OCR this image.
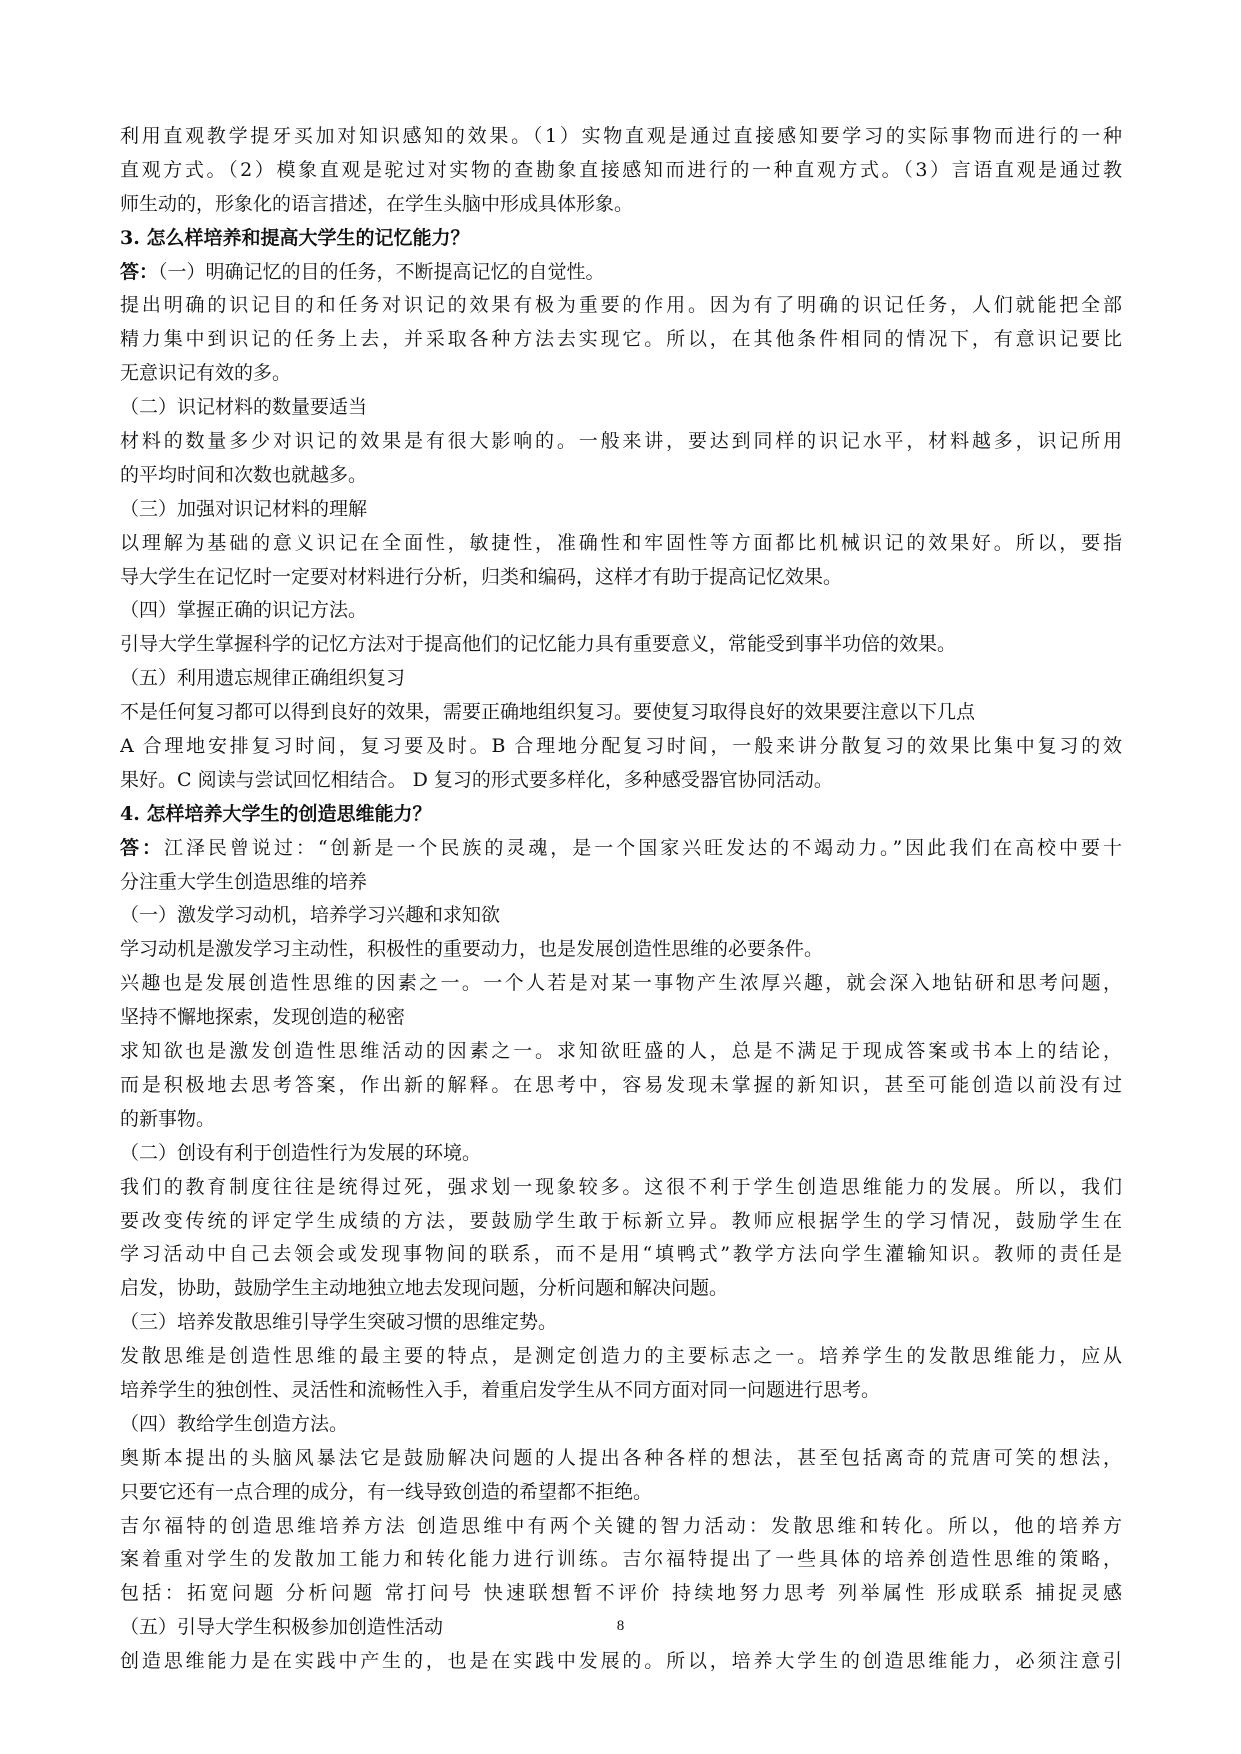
利用直观教学提牙买加对知识感知的效果。（1）实物直观是通过直接感知要学习的实际事物而进行的一种
直观方式。（2）模象直观是驼过对实物的查勘象直接感知而进行的一种直观方式。（3）言语直观是通过教
师生动的，形象化的语言措述，在学生头脑中形成具体形象。
3. 怎么样培养和提高大学生的记忆能力？
答：（一）明确记忆的目的任务，不断提高记忆的自觉性。
提出明确的识记目的和任务对识记的效果有极为重要的作用。因为有了明确的识记任务，人们就能把全部
精力集中到识记的任务上去，并采取各种方法去实现它。所以，在其他条件相同的情况下，有意识记要比
无意识记有效的多。
（二）识记材料的数量要适当
材料的数量多少对识记的效果是有很大影响的。一般来讲，要达到同样的识记水平，材料越多，识记所用
的平均时间和次数也就越多。
（三）加强对识记材料的理解
以理解为基础的意义识记在全面性，敏捷性，准确性和牢固性等方面都比机械识记的效果好。所以，要指
导大学生在记忆时一定要对材料进行分析，归类和编码，这样才有助于提高记忆效果。
（四）掌握正确的识记方法。
引导大学生掌握科学的记忆方法对于提高他们的记忆能力具有重要意义，常能受到事半功倍的效果。
（五）利用遗忘规律正确组织复习
不是任何复习都可以得到良好的效果，需要正确地组织复习。要使复习取得良好的效果要注意以下几点
A 合理地安排复习时间，复习要及时。B 合理地分配复习时间，一般来讲分散复习的效果比集中复习的效
果好。C 阅读与尝试回忆相结合。 D 复习的形式要多样化，多种感受器官协同活动。
4. 怎样培养大学生的创造思维能力？
答：江泽民曾说过：“创新是一个民族的灵魂，是一个国家兴旺发达的不竭动力。”因此我们在高校中要十
分注重大学生创造思维的培养
（一）激发学习动机，培养学习兴趣和求知欲
学习动机是激发学习主动性，积极性的重要动力，也是发展创造性思维的必要条件。
兴趣也是发展创造性思维的因素之一。一个人若是对某一事物产生浓厚兴趣，就会深入地钻研和思考问题，
坚持不懈地探索，发现创造的秘密
求知欲也是激发创造性思维活动的因素之一。求知欲旺盛的人，总是不满足于现成答案或书本上的结论，
而是积极地去思考答案，作出新的解释。在思考中，容易发现未掌握的新知识，甚至可能创造以前没有过
的新事物。
（二）创设有利于创造性行为发展的环境。
我们的教育制度往往是统得过死，强求划一现象较多。这很不利于学生创造思维能力的发展。所以，我们
要改变传统的评定学生成绩的方法，要鼓励学生敢于标新立异。教师应根据学生的学习情况，鼓励学生在
学习活动中自己去领会或发现事物间的联系，而不是用“填鸭式”教学方法向学生灌输知识。教师的责任是
启发，协助，鼓励学生主动地独立地去发现问题，分析问题和解决问题。
（三）培养发散思维引导学生突破习惯的思维定势。
发散思维是创造性思维的最主要的特点，是测定创造力的主要标志之一。培养学生的发散思维能力，应从
培养学生的独创性、灵活性和流畅性入手，着重启发学生从不同方面对同一问题进行思考。
（四）教给学生创造方法。
奥斯本提出的头脑风暴法它是鼓励解决问题的人提出各种各样的想法，甚至包括离奇的荒唐可笑的想法，
只要它还有一点合理的成分，有一线导致创造的希望都不拒绝。
吉尔福特的创造思维培养方法 创造思维中有两个关键的智力活动：发散思维和转化。所以，他的培养方
案着重对学生的发散加工能力和转化能力进行训练。吉尔福特提出了一些具体的培养创造性思维的策略，
包括：拓宽问题 分析问题 常打问号 快速联想暂不评价 持续地努力思考 列举属性 形成联系 捕捉灵感
（五）引导大学生积极参加创造性活动
创造思维能力是在实践中产生的，也是在实践中发展的。所以，培养大学生的创造思维能力，必须注意引
8
